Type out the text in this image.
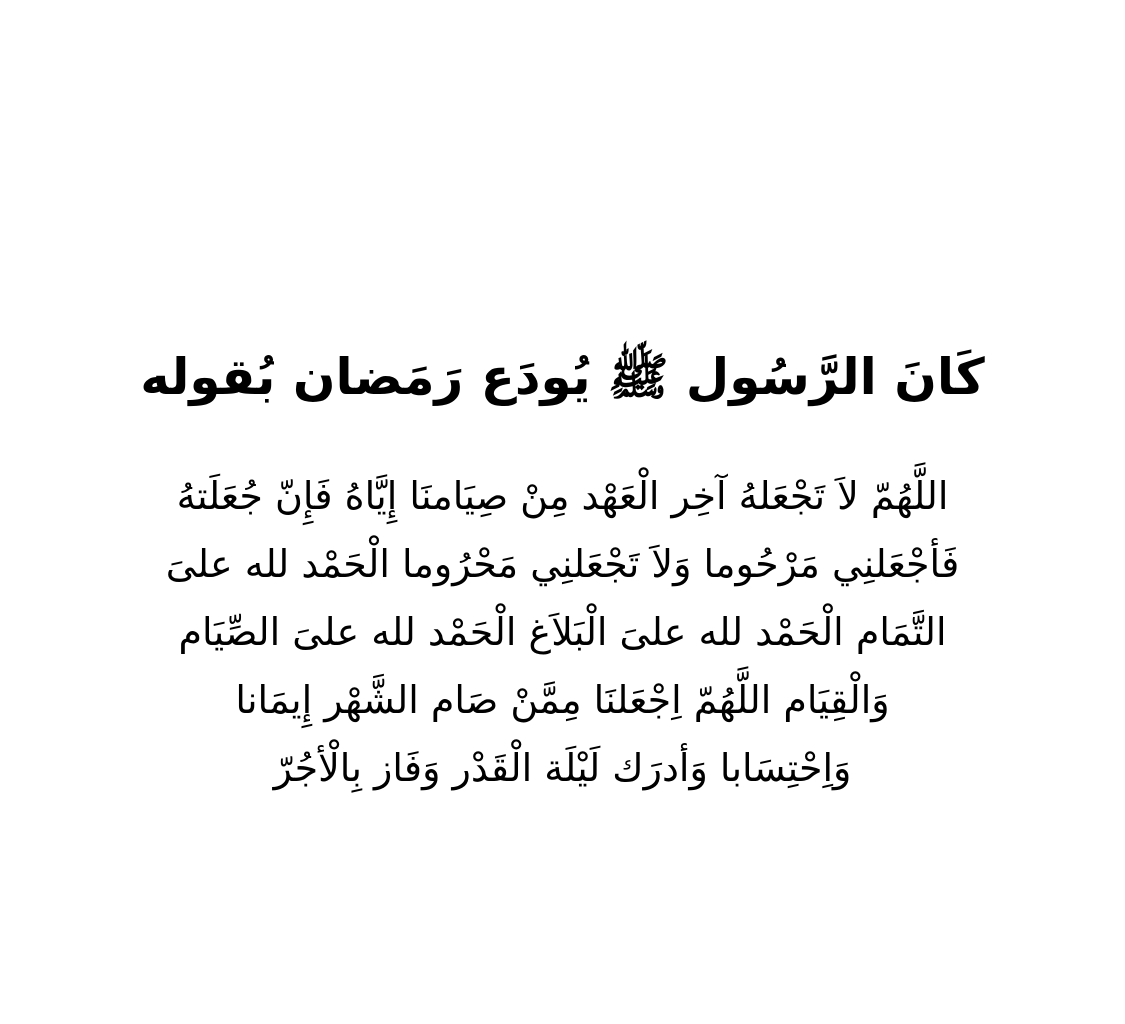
كَانَ الرَّسُول ﷺ يُودَع رَمَضان بُقوله
اللَّهُمّ لاَ تَجْعَلهُ آخِر الْعَهْد مِنْ صِيَامنَا إِيَّاهُ فَإِنّ جُعَلَتهُ
فَأجْعَلنِي مَرْحُوما وَلاَ تَجْعَلنِي مَحْرُوما الْحَمْد لله علىَ
التَّمَام الْحَمْد لله علىَ الْبَلاَغ الْحَمْد لله علىَ الصِّيَام
وَالْقِيَام اللَّهُمّ اِجْعَلنَا مِمَّنْ صَام الشَّهْر إِيمَانا
وَاِحْتِسَابا وَأدرَك لَيْلَة الْقَدْر وَفَاز بِالْأجُرّ
